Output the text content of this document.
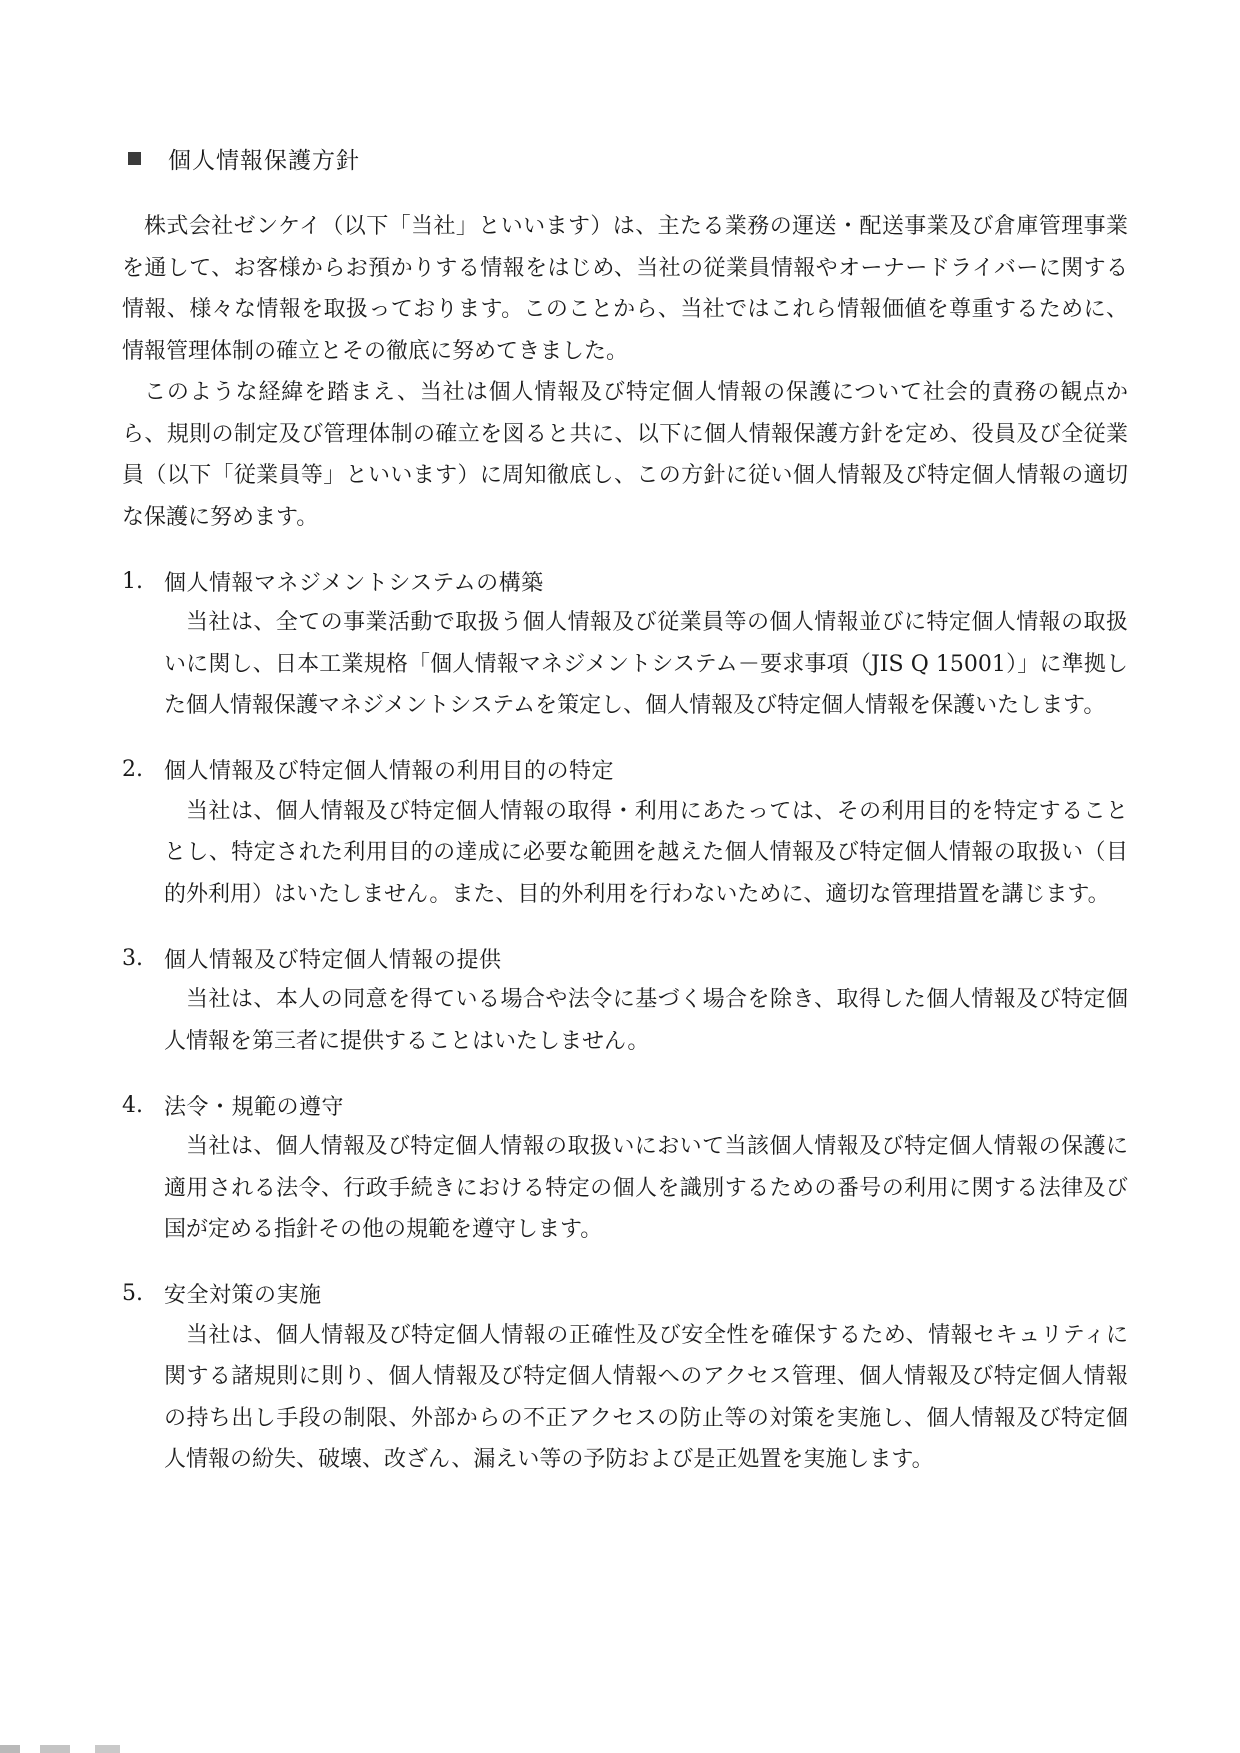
個人情報保護方針

株式会社ゼンケイ（以下「当社」といいます）は、主たる業務の運送・配送事業及び倉庫管理事業を通して、お客様からお預かりする情報をはじめ、当社の従業員情報やオーナードライバーに関する情報、様々な情報を取扱っております。このことから、当社ではこれら情報価値を尊重するために、情報管理体制の確立とその徹底に努めてきました。

このような経緯を踏まえ、当社は個人情報及び特定個人情報の保護について社会的責務の観点から、規則の制定及び管理体制の確立を図ると共に、以下に個人情報保護方針を定め、役員及び全従業員（以下「従業員等」といいます）に周知徹底し、この方針に従い個人情報及び特定個人情報の適切な保護に努めます。

1. 個人情報マネジメントシステムの構築

当社は、全ての事業活動で取扱う個人情報及び従業員等の個人情報並びに特定個人情報の取扱いに関し、日本工業規格「個人情報マネジメントシステム－要求事項（JIS Q 15001）」に準拠した個人情報保護マネジメントシステムを策定し、個人情報及び特定個人情報を保護いたします。

2. 個人情報及び特定個人情報の利用目的の特定

当社は、個人情報及び特定個人情報の取得・利用にあたっては、その利用目的を特定することとし、特定された利用目的の達成に必要な範囲を越えた個人情報及び特定個人情報の取扱い（目的外利用）はいたしません。また、目的外利用を行わないために、適切な管理措置を講じます。

3. 個人情報及び特定個人情報の提供

当社は、本人の同意を得ている場合や法令に基づく場合を除き、取得した個人情報及び特定個人情報を第三者に提供することはいたしません。

4. 法令・規範の遵守

当社は、個人情報及び特定個人情報の取扱いにおいて当該個人情報及び特定個人情報の保護に適用される法令、行政手続きにおける特定の個人を識別するための番号の利用に関する法律及び国が定める指針その他の規範を遵守します。

5. 安全対策の実施

当社は、個人情報及び特定個人情報の正確性及び安全性を確保するため、情報セキュリティに関する諸規則に則り、個人情報及び特定個人情報へのアクセス管理、個人情報及び特定個人情報の持ち出し手段の制限、外部からの不正アクセスの防止等の対策を実施し、個人情報及び特定個人情報の紛失、破壊、改ざん、漏えい等の予防および是正処置を実施します。
